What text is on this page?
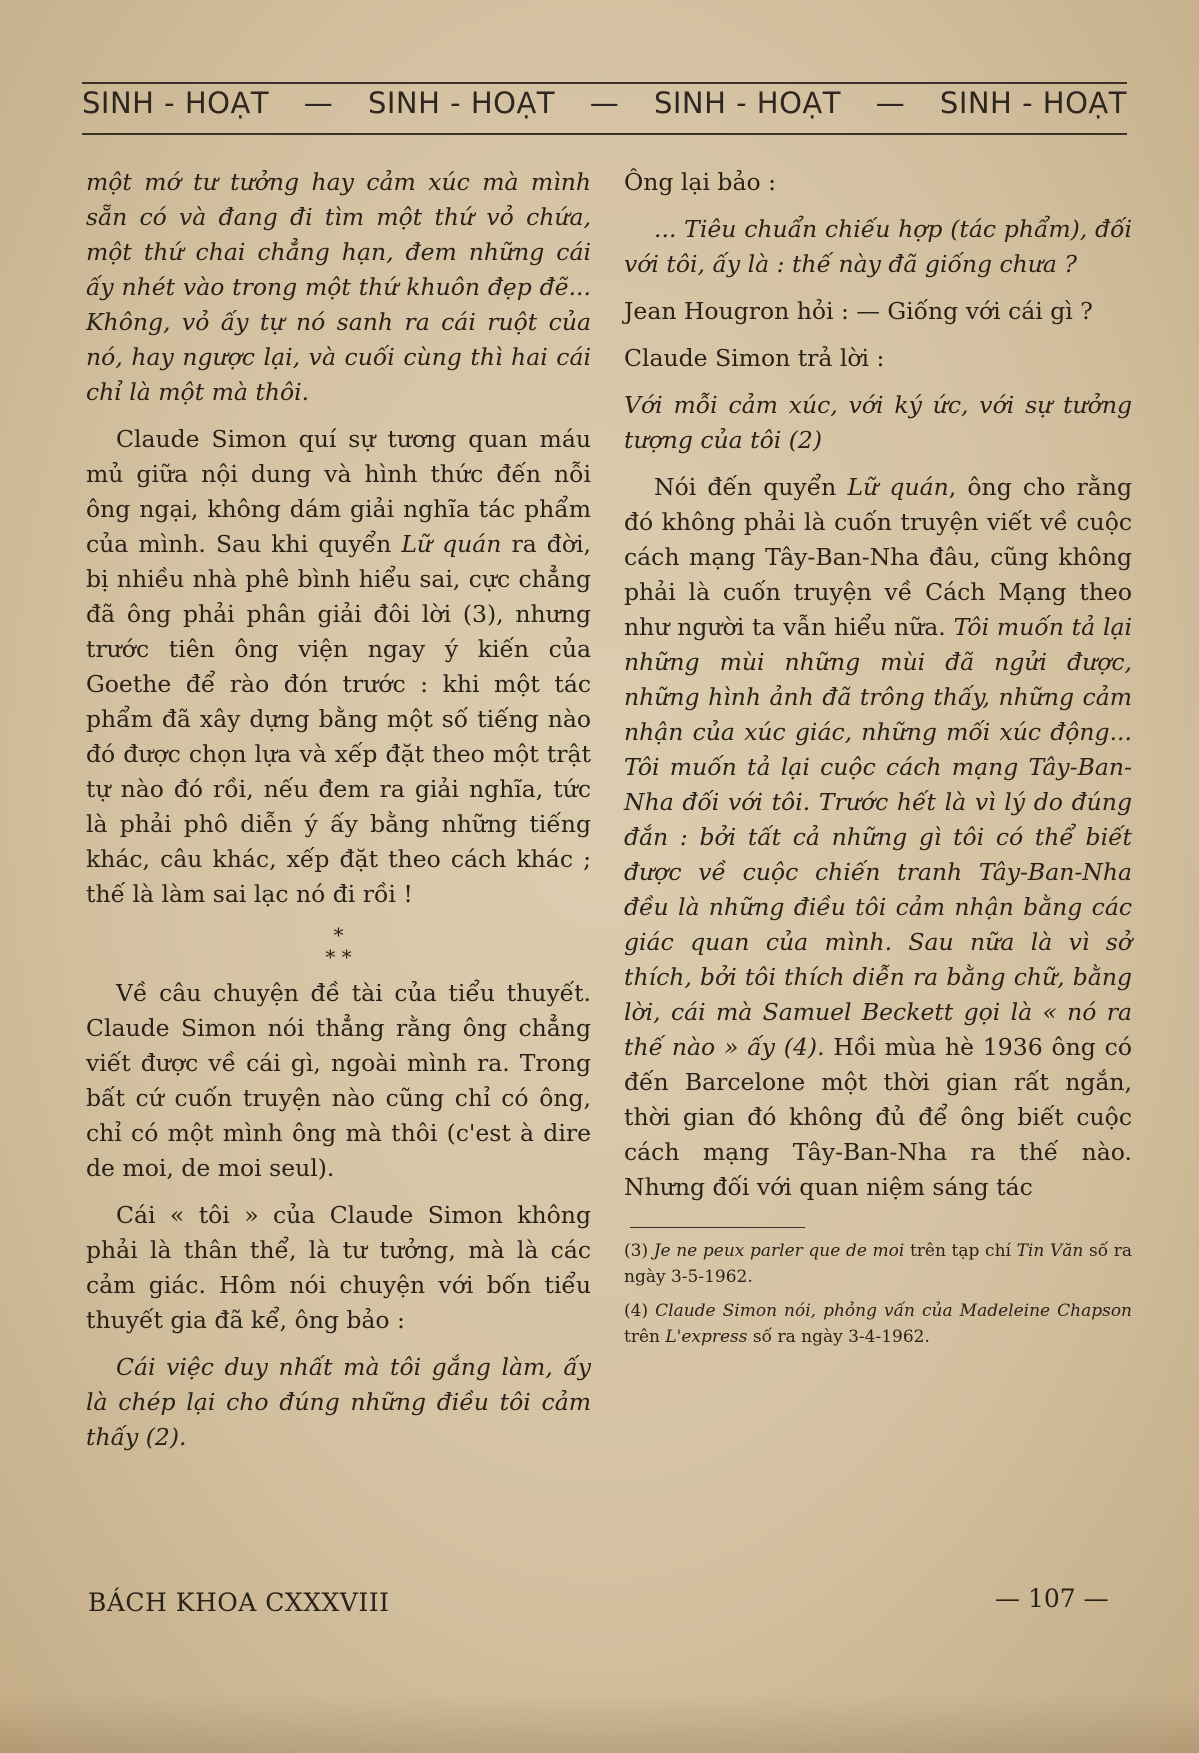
SINH - HOẠT — SINH - HOẠT — SINH - HOẠT — SINH - HOẠT

một mớ tư tưởng hay cảm xúc mà mình sẵn có và đang đi tìm một thứ vỏ chứa, một thứ chai chẳng hạn, đem những cái ấy nhét vào trong một thứ khuôn đẹp đẽ... Không, vỏ ấy tự nó sanh ra cái ruột của nó, hay ngược lại, và cuối cùng thì hai cái chỉ là một mà thôi.

Claude Simon quí sự tương quan máu mủ giữa nội dung và hình thức đến nỗi ông ngại, không dám giải nghĩa tác phẩm của mình. Sau khi quyển Lữ quán ra đời, bị nhiều nhà phê bình hiểu sai, cực chẳng đã ông phải phân giải đôi lời (3), nhưng trước tiên ông viện ngay ý kiến của Goethe để rào đón trước : khi một tác phẩm đã xây dựng bằng một số tiếng nào đó được chọn lựa và xếp đặt theo một trật tự nào đó rồi, nếu đem ra giải nghĩa, tức là phải phô diễn ý ấy bằng những tiếng khác, câu khác, xếp đặt theo cách khác ; thế là làm sai lạc nó đi rồi !

*
* *

Về câu chuyện đề tài của tiểu thuyết. Claude Simon nói thẳng rằng ông chẳng viết được về cái gì, ngoài mình ra. Trong bất cứ cuốn truyện nào cũng chỉ có ông, chỉ có một mình ông mà thôi (c'est à dire de moi, de moi seul).

Cái « tôi » của Claude Simon không phải là thân thể, là tư tưởng, mà là các cảm giác. Hôm nói chuyện với bốn tiểu thuyết gia đã kể, ông bảo :

Cái việc duy nhất mà tôi gắng làm, ấy là chép lại cho đúng những điều tôi cảm thấy (2).

Ông lại bảo :

... Tiêu chuẩn chiếu hợp (tác phẩm), đối với tôi, ấy là : thế này đã giống chưa ?

Jean Hougron hỏi : — Giống với cái gì ?

Claude Simon trả lời :

Với mỗi cảm xúc, với ký ức, với sự tưởng tượng của tôi (2)

Nói đến quyển Lữ quán, ông cho rằng đó không phải là cuốn truyện viết về cuộc cách mạng Tây-Ban-Nha đâu, cũng không phải là cuốn truyện về Cách Mạng theo như người ta vẫn hiểu nữa. Tôi muốn tả lại những mùi những mùi đã ngửi được, những hình ảnh đã trông thấy, những cảm nhận của xúc giác, những mối xúc động... Tôi muốn tả lại cuộc cách mạng Tây-Ban-Nha đối với tôi. Trước hết là vì lý do đúng đắn : bởi tất cả những gì tôi có thể biết được về cuộc chiến tranh Tây-Ban-Nha đều là những điều tôi cảm nhận bằng các giác quan của mình. Sau nữa là vì sở thích, bởi tôi thích diễn ra bằng chữ, bằng lời, cái mà Samuel Beckett gọi là « nó ra thế nào » ấy (4). Hồi mùa hè 1936 ông có đến Barcelone một thời gian rất ngắn, thời gian đó không đủ để ông biết cuộc cách mạng Tây-Ban-Nha ra thế nào. Nhưng đối với quan niệm sáng tác

(3) Je ne peux parler que de moi trên tạp chí Tin Văn số ra ngày 3-5-1962.

(4) Claude Simon nói, phỏng vấn của Madeleine Chapson trên L'express số ra ngày 3-4-1962.

BÁCH KHOA CXXXVIII	— 107 —
